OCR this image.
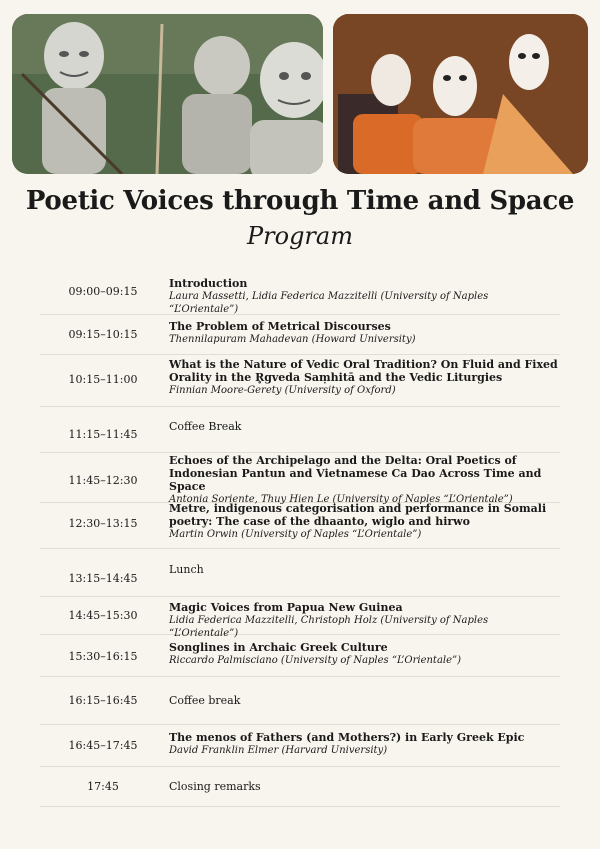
Poetic Voices through Time and Space
Program
09:00–09:15
Introduction
Laura Massetti, Lidia Federica Mazzitelli (University of Naples “L’Orientale”)
09:15–10:15
The Problem of Metrical Discourses
Thennilapuram Mahadevan (Howard University)
10:15–11:00
What is the Nature of Vedic Oral Tradition? On Fluid and Fixed Orality in the R̥gveda Saṃhitā and the Vedic Liturgies
Finnian Moore-Gerety (University of Oxford)
11:15–11:45
Coffee Break
11:45–12:30
Echoes of the Archipelago and the Delta: Oral Poetics of Indonesian Pantun and Vietnamese Ca Dao Across Time and Space
Antonia Soriente, Thuy Hien Le (University of Naples “L’Orientale”)
12:30–13:15
Metre, indigenous categorisation and performance in Somali poetry: The case of the dhaanto, wiglo and hirwo
Martin Orwin (University of Naples “L’Orientale”)
13:15–14:45
Lunch
14:45–15:30
Magic Voices from Papua New Guinea
Lidia Federica Mazzitelli, Christoph Holz (University of Naples “L’Orientale”)
15:30–16:15
Songlines in Archaic Greek Culture
Riccardo Palmisciano (University of Naples “L’Orientale”)
16:15–16:45	Coffee break
16:45–17:45
The menos of Fathers (and Mothers?) in Early Greek Epic
David Franklin Elmer (Harvard University)
17:45	Closing remarks
